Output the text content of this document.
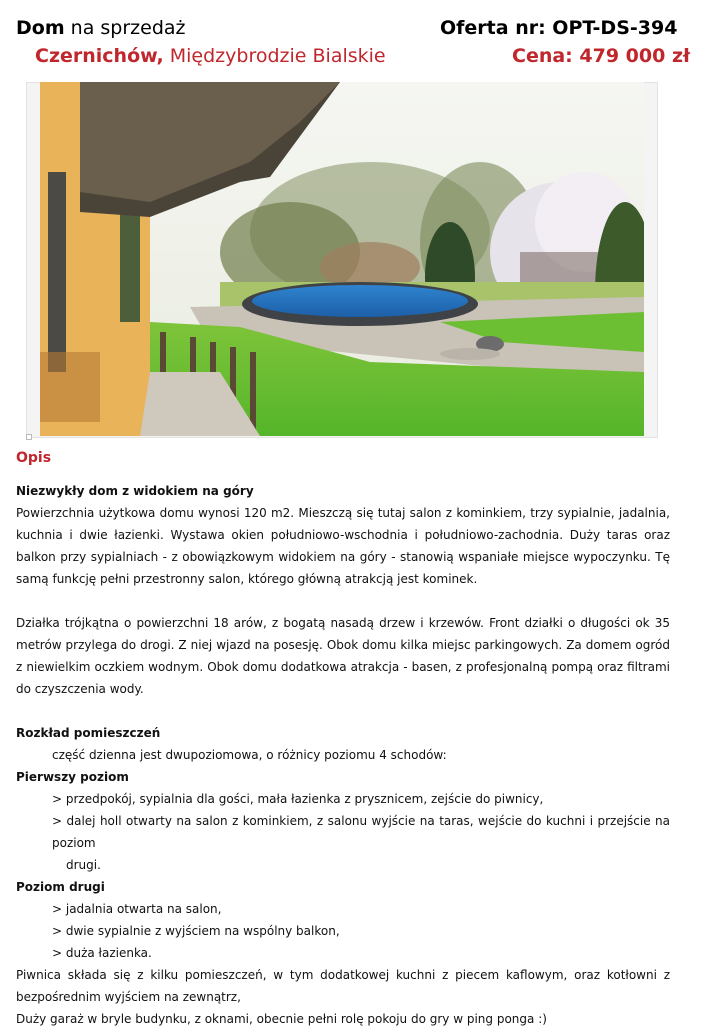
Dom na sprzedaż
Czernichów, Międzybrodzie Bialskie
Oferta nr: OPT-DS-394
Cena: 479 000 zł
Opis

Niezwykły dom z widokiem na góry

Powierzchnia użytkowa domu wynosi 120 m2. Mieszczą się tutaj salon z kominkiem, trzy sypialnie, jadalnia, kuchnia i dwie łazienki. Wystawa okien południowo-wschodnia i południowo-zachodnia. Duży taras oraz balkon przy sypialniach - z obowiązkowym widokiem na góry - stanowią wspaniałe miejsce wypoczynku. Tę samą funkcję pełni przestronny salon, którego główną atrakcją jest kominek.

Działka trójkątna o powierzchni 18 arów, z bogatą nasadą drzew i krzewów. Front działki o długości ok 35 metrów przylega do drogi. Z niej wjazd na posesję. Obok domu kilka miejsc parkingowych. Za domem ogród z niewielkim oczkiem wodnym. Obok domu dodatkowa atrakcja - basen, z profesjonalną pompą oraz filtrami do czyszczenia wody.

Rozkład pomieszczeń

część dzienna jest dwupoziomowa, o różnicy poziomu 4 schodów:

Pierwszy poziom

> przedpokój, sypialnia dla gości, mała łazienka z prysznicem, zejście do piwnicy,

> dalej holl otwarty na salon z kominkiem, z salonu wyjście na taras, wejście do kuchni i przejście na poziom
drugi.

Poziom drugi

> jadalnia otwarta na salon,

> dwie sypialnie z wyjściem na wspólny balkon,

> duża łazienka.

Piwnica składa się z kilku pomieszczeń, w tym dodatkowej kuchni z piecem kaflowym, oraz kotłowni z bezpośrednim wyjściem na zewnątrz,

Duży garaż w bryle budynku, z oknami, obecnie pełni rolę pokoju do gry w ping ponga :)
